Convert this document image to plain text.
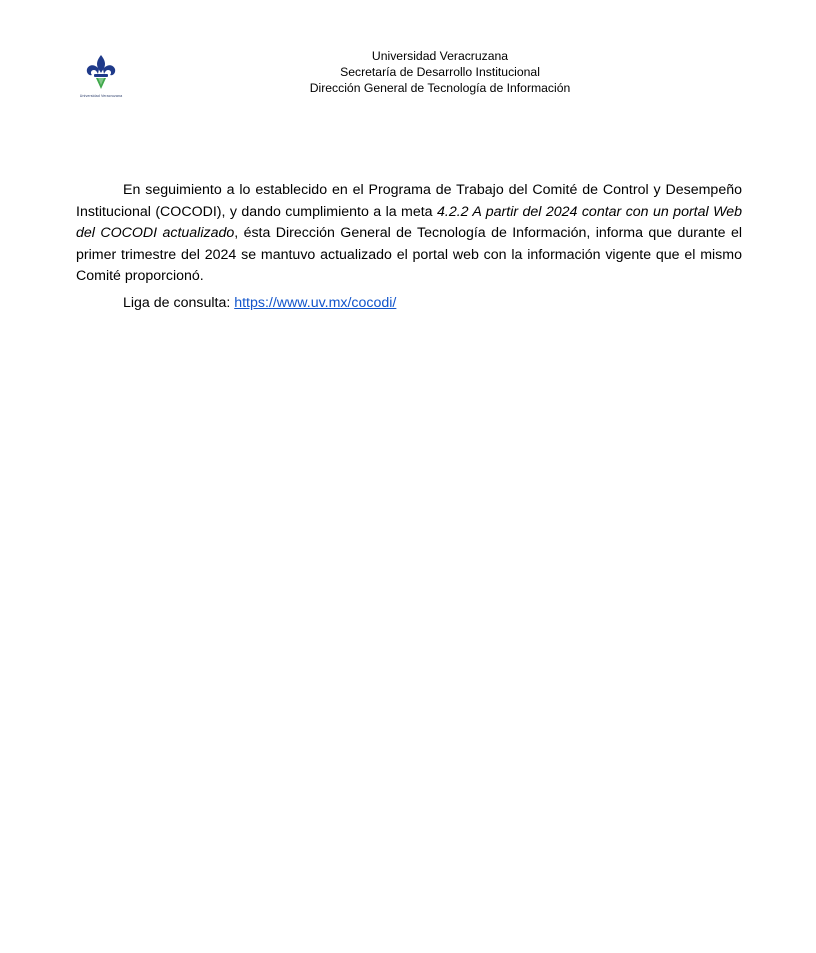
Universidad Veracruzana
Universidad Veracruzana
Secretaría de Desarrollo Institucional
Dirección General de Tecnología de Información

En seguimiento a lo establecido en el Programa de Trabajo del Comité de Control y Desempeño Institucional (COCODI), y dando cumplimiento a la meta 4.2.2 A partir del 2024 contar con un portal Web del COCODI actualizado, ésta Dirección General de Tecnología de Información, informa que durante el primer trimestre del 2024 se mantuvo actualizado el portal web con la información vigente que el mismo Comité proporcionó.

Liga de consulta: https://www.uv.mx/cocodi/
